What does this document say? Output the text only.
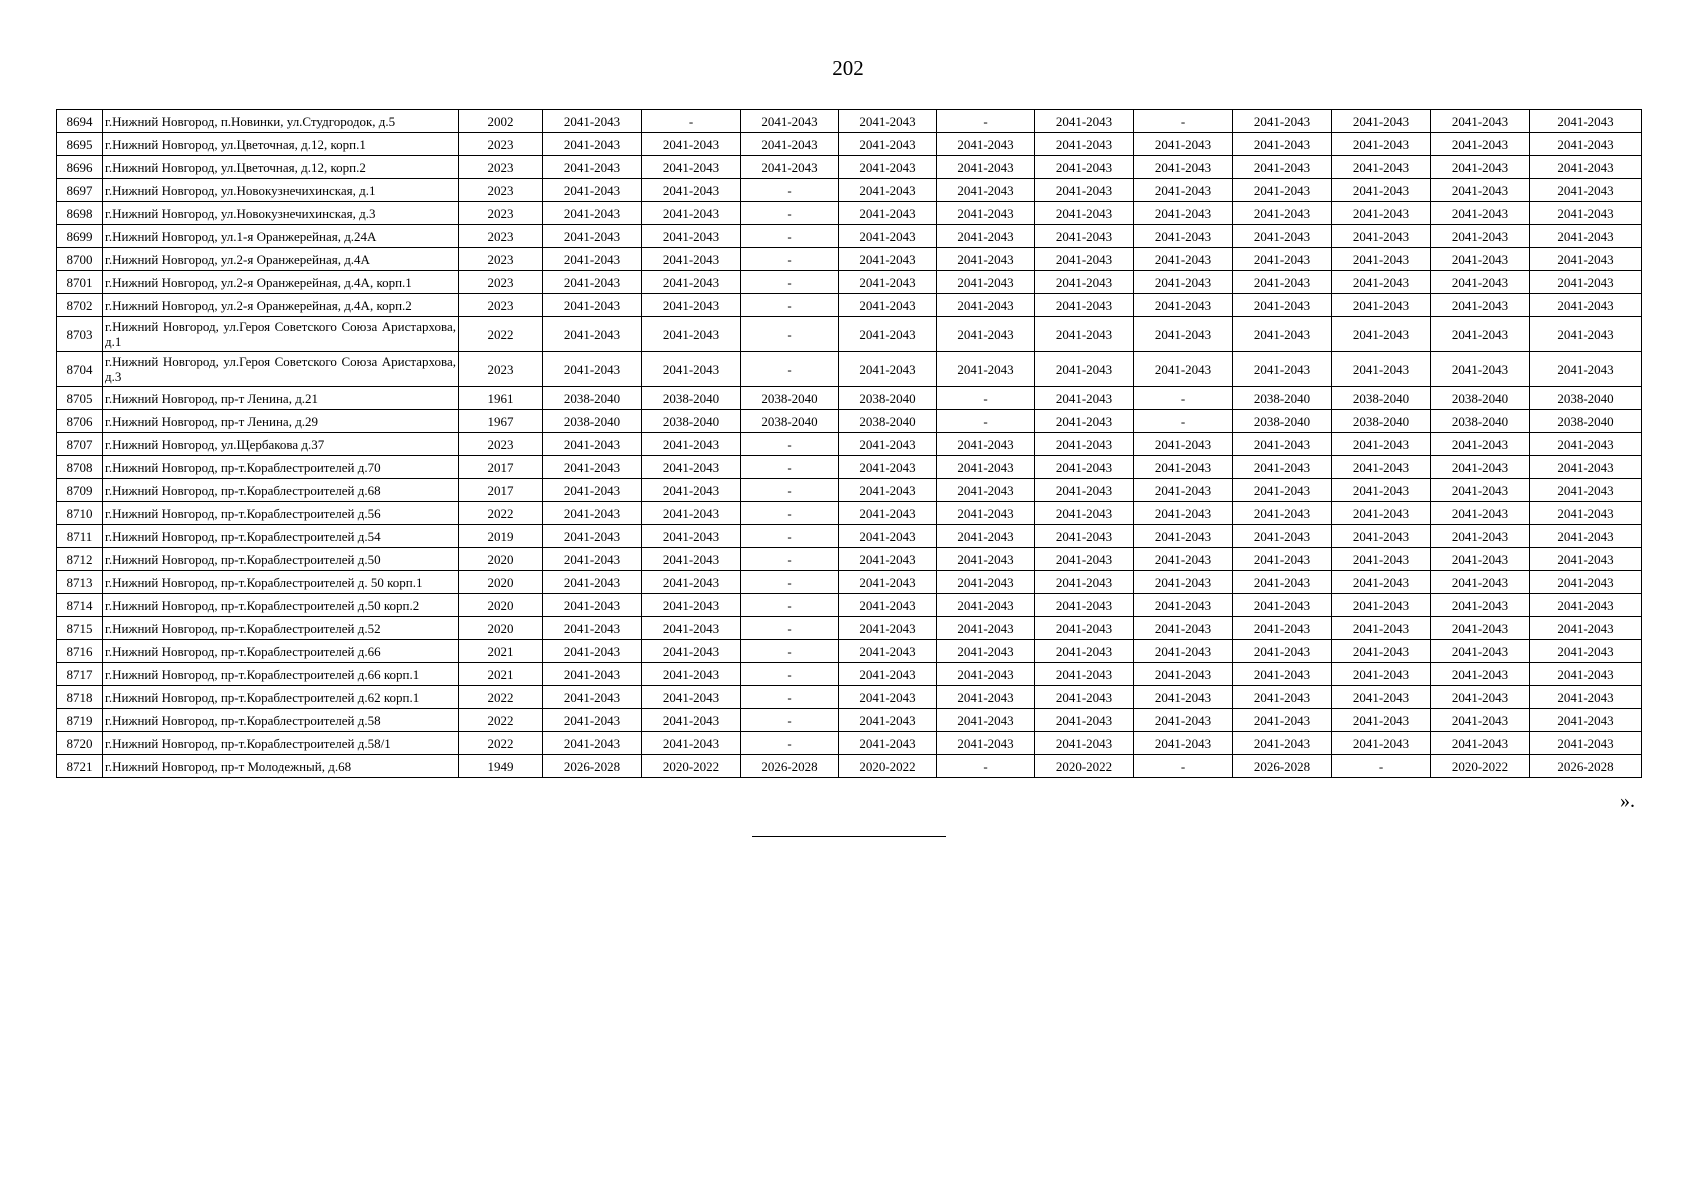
202
8694	г.Нижний Новгород, п.Новинки, ул.Студгородок, д.5	2002	2041-2043	-	2041-2043	2041-2043	-	2041-2043	-	2041-2043	2041-2043	2041-2043	2041-2043
8695	г.Нижний Новгород, ул.Цветочная, д.12, корп.1	2023	2041-2043	2041-2043	2041-2043	2041-2043	2041-2043	2041-2043	2041-2043	2041-2043	2041-2043	2041-2043	2041-2043
8696	г.Нижний Новгород, ул.Цветочная, д.12, корп.2	2023	2041-2043	2041-2043	2041-2043	2041-2043	2041-2043	2041-2043	2041-2043	2041-2043	2041-2043	2041-2043	2041-2043
8697	г.Нижний Новгород, ул.Новокузнечихинская, д.1	2023	2041-2043	2041-2043	-	2041-2043	2041-2043	2041-2043	2041-2043	2041-2043	2041-2043	2041-2043	2041-2043
8698	г.Нижний Новгород, ул.Новокузнечихинская, д.3	2023	2041-2043	2041-2043	-	2041-2043	2041-2043	2041-2043	2041-2043	2041-2043	2041-2043	2041-2043	2041-2043
8699	г.Нижний Новгород, ул.1-я Оранжерейная, д.24А	2023	2041-2043	2041-2043	-	2041-2043	2041-2043	2041-2043	2041-2043	2041-2043	2041-2043	2041-2043	2041-2043
8700	г.Нижний Новгород, ул.2-я Оранжерейная, д.4А	2023	2041-2043	2041-2043	-	2041-2043	2041-2043	2041-2043	2041-2043	2041-2043	2041-2043	2041-2043	2041-2043
8701	г.Нижний Новгород, ул.2-я Оранжерейная, д.4А, корп.1	2023	2041-2043	2041-2043	-	2041-2043	2041-2043	2041-2043	2041-2043	2041-2043	2041-2043	2041-2043	2041-2043
8702	г.Нижний Новгород, ул.2-я Оранжерейная, д.4А, корп.2	2023	2041-2043	2041-2043	-	2041-2043	2041-2043	2041-2043	2041-2043	2041-2043	2041-2043	2041-2043	2041-2043
8703	г.Нижний Новгород, ул.Героя Советского Союза Аристархова, д.1	2022	2041-2043	2041-2043	-	2041-2043	2041-2043	2041-2043	2041-2043	2041-2043	2041-2043	2041-2043	2041-2043
8704	г.Нижний Новгород, ул.Героя Советского Союза Аристархова, д.3	2023	2041-2043	2041-2043	-	2041-2043	2041-2043	2041-2043	2041-2043	2041-2043	2041-2043	2041-2043	2041-2043
8705	г.Нижний Новгород, пр-т Ленина, д.21	1961	2038-2040	2038-2040	2038-2040	2038-2040	-	2041-2043	-	2038-2040	2038-2040	2038-2040	2038-2040
8706	г.Нижний Новгород, пр-т Ленина, д.29	1967	2038-2040	2038-2040	2038-2040	2038-2040	-	2041-2043	-	2038-2040	2038-2040	2038-2040	2038-2040
8707	г.Нижний Новгород, ул.Щербакова д.37	2023	2041-2043	2041-2043	-	2041-2043	2041-2043	2041-2043	2041-2043	2041-2043	2041-2043	2041-2043	2041-2043
8708	г.Нижний Новгород, пр-т.Кораблестроителей д.70	2017	2041-2043	2041-2043	-	2041-2043	2041-2043	2041-2043	2041-2043	2041-2043	2041-2043	2041-2043	2041-2043
8709	г.Нижний Новгород, пр-т.Кораблестроителей д.68	2017	2041-2043	2041-2043	-	2041-2043	2041-2043	2041-2043	2041-2043	2041-2043	2041-2043	2041-2043	2041-2043
8710	г.Нижний Новгород, пр-т.Кораблестроителей д.56	2022	2041-2043	2041-2043	-	2041-2043	2041-2043	2041-2043	2041-2043	2041-2043	2041-2043	2041-2043	2041-2043
8711	г.Нижний Новгород, пр-т.Кораблестроителей д.54	2019	2041-2043	2041-2043	-	2041-2043	2041-2043	2041-2043	2041-2043	2041-2043	2041-2043	2041-2043	2041-2043
8712	г.Нижний Новгород, пр-т.Кораблестроителей д.50	2020	2041-2043	2041-2043	-	2041-2043	2041-2043	2041-2043	2041-2043	2041-2043	2041-2043	2041-2043	2041-2043
8713	г.Нижний Новгород, пр-т.Кораблестроителей д. 50 корп.1	2020	2041-2043	2041-2043	-	2041-2043	2041-2043	2041-2043	2041-2043	2041-2043	2041-2043	2041-2043	2041-2043
8714	г.Нижний Новгород, пр-т.Кораблестроителей д.50 корп.2	2020	2041-2043	2041-2043	-	2041-2043	2041-2043	2041-2043	2041-2043	2041-2043	2041-2043	2041-2043	2041-2043
8715	г.Нижний Новгород, пр-т.Кораблестроителей д.52	2020	2041-2043	2041-2043	-	2041-2043	2041-2043	2041-2043	2041-2043	2041-2043	2041-2043	2041-2043	2041-2043
8716	г.Нижний Новгород, пр-т.Кораблестроителей д.66	2021	2041-2043	2041-2043	-	2041-2043	2041-2043	2041-2043	2041-2043	2041-2043	2041-2043	2041-2043	2041-2043
8717	г.Нижний Новгород, пр-т.Кораблестроителей д.66 корп.1	2021	2041-2043	2041-2043	-	2041-2043	2041-2043	2041-2043	2041-2043	2041-2043	2041-2043	2041-2043	2041-2043
8718	г.Нижний Новгород, пр-т.Кораблестроителей д.62 корп.1	2022	2041-2043	2041-2043	-	2041-2043	2041-2043	2041-2043	2041-2043	2041-2043	2041-2043	2041-2043	2041-2043
8719	г.Нижний Новгород, пр-т.Кораблестроителей д.58	2022	2041-2043	2041-2043	-	2041-2043	2041-2043	2041-2043	2041-2043	2041-2043	2041-2043	2041-2043	2041-2043
8720	г.Нижний Новгород, пр-т.Кораблестроителей д.58/1	2022	2041-2043	2041-2043	-	2041-2043	2041-2043	2041-2043	2041-2043	2041-2043	2041-2043	2041-2043	2041-2043
8721	г.Нижний Новгород, пр-т Молодежный, д.68	1949	2026-2028	2020-2022	2026-2028	2020-2022	-	2020-2022	-	2026-2028	-	2020-2022	2026-2028
».
